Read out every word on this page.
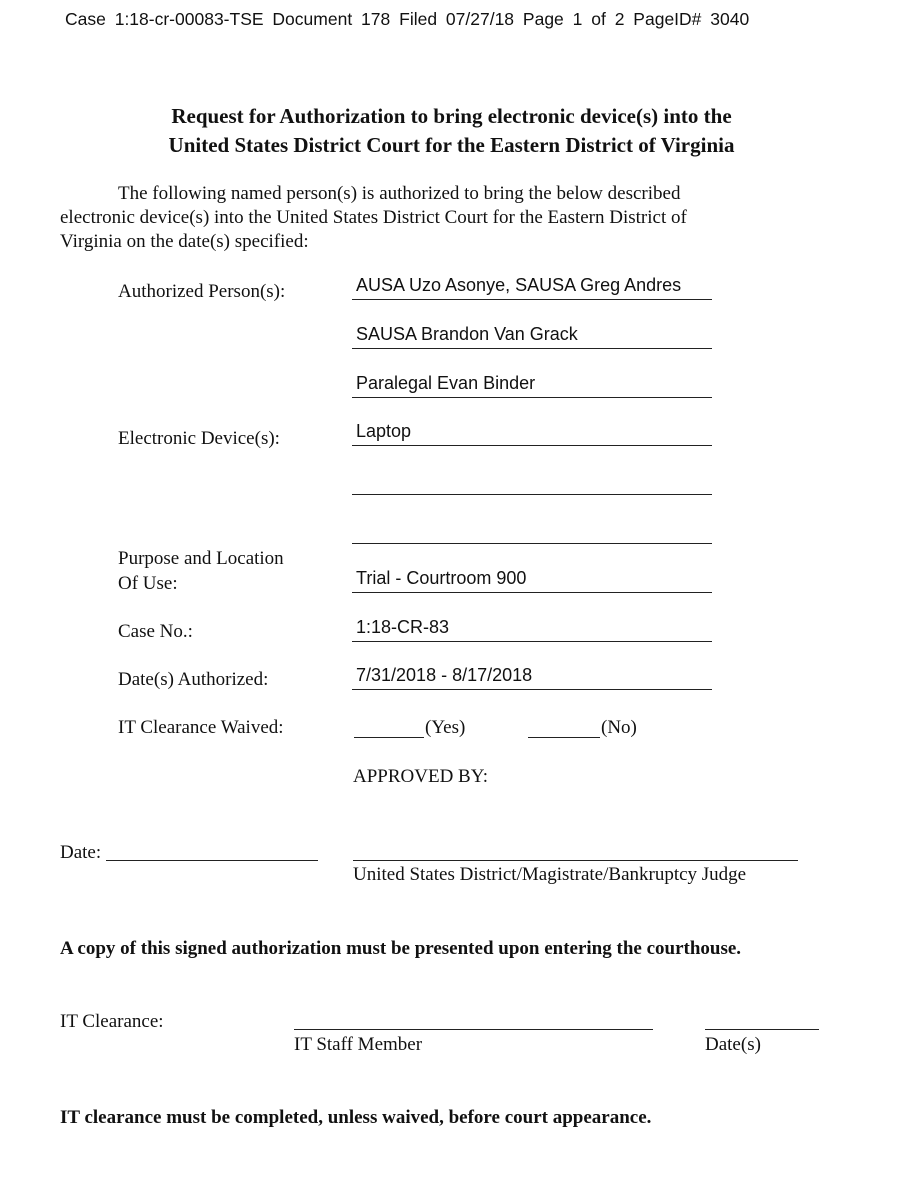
Case 1:18-cr-00083-TSE Document 178 Filed 07/27/18 Page 1 of 2 PageID# 3040
Request for Authorization to bring electronic device(s) into the
United States District Court for the Eastern District of Virginia
The following named person(s) is authorized to bring the below described
electronic device(s) into the United States District Court for the Eastern District of
Virginia on the date(s) specified:
Authorized Person(s):	AUSA Uzo Asonye, SAUSA Greg Andres
SAUSA Brandon Van Grack
Paralegal Evan Binder
Electronic Device(s):	Laptop
Purpose and Location
Of Use:	Trial - Courtroom 900
Case No.:	1:18-CR-83
Date(s) Authorized:	7/31/2018 - 8/17/2018
IT Clearance Waived:	(Yes)	(No)
APPROVED BY:
Date:
United States District/Magistrate/Bankruptcy Judge
A copy of this signed authorization must be presented upon entering the courthouse.
IT Clearance:
IT Staff Member	Date(s)
IT clearance must be completed, unless waived, before court appearance.
